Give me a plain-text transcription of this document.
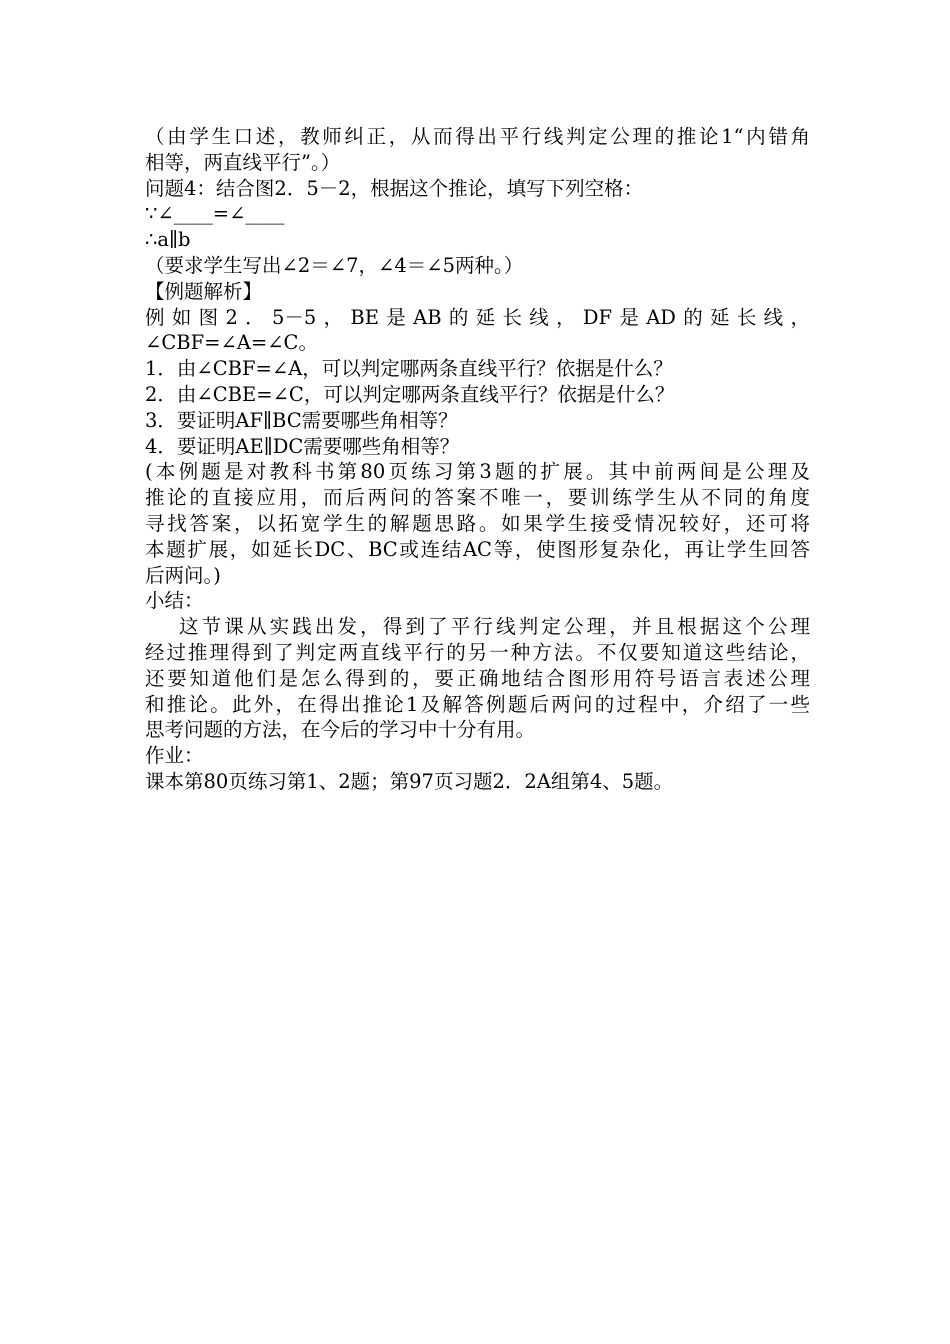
（由学生口述，教师纠正，从而得出平行线判定公理的推论1“内错角
相等，两直线平行”。）
问题4：结合图2．5－2，根据这个推论，填写下列空格：
∵∠____=∠____
∴a∥b
（要求学生写出∠2＝∠7，∠4＝∠5两种。）
【例题解析】
例如图2．5－5，BE是AB的延长线，DF是AD的延长线，
∠CBF=∠A=∠C。
1．由∠CBF=∠A，可以判定哪两条直线平行？依据是什么？
2．由∠CBE=∠C，可以判定哪两条直线平行？依据是什么？
3．要证明AF∥BC需要哪些角相等？
4．要证明AE∥DC需要哪些角相等？
(本例题是对教科书第80页练习第3题的扩展。其中前两间是公理及
推论的直接应用，而后两问的答案不唯一，要训练学生从不同的角度
寻找答案，以拓宽学生的解题思路。如果学生接受情况较好，还可将
本题扩展，如延长DC、BC或连结AC等，使图形复杂化，再让学生回答
后两问。)
小结：
这节课从实践出发，得到了平行线判定公理，并且根据这个公理
经过推理得到了判定两直线平行的另一种方法。不仅要知道这些结论，
还要知道他们是怎么得到的，要正确地结合图形用符号语言表述公理
和推论。此外，在得出推论1及解答例题后两问的过程中，介绍了一些
思考问题的方法，在今后的学习中十分有用。
作业：
课本第80页练习第1、2题；第97页习题2．2A组第4、5题。
